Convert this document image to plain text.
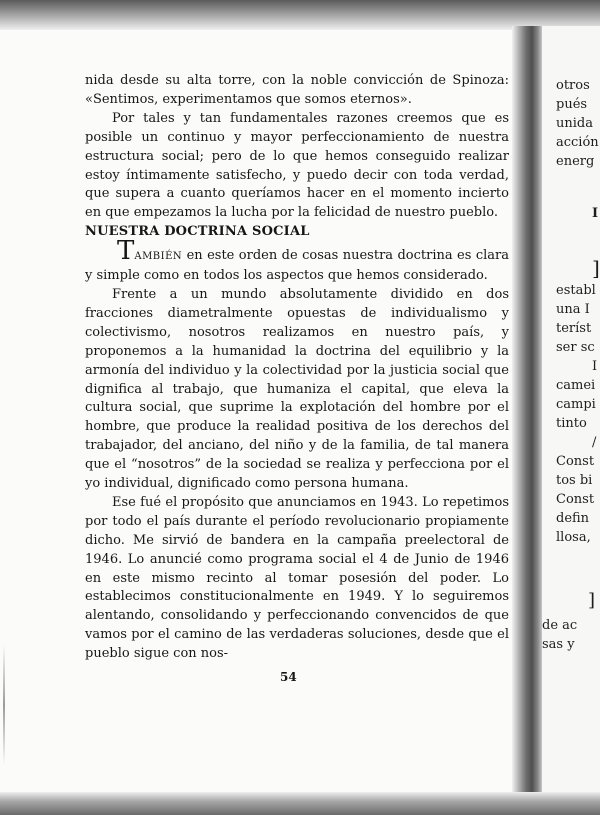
nida desde su alta torre, con la noble convicción de Spinoza: «Sentimos, experimentamos que somos eternos».

Por tales y tan fundamentales razones creemos que es posible un continuo y mayor perfeccionamiento de nuestra estructura social; pero de lo que hemos conseguido realizar estoy íntimamente satisfecho, y puedo decir con toda verdad, que supera a cuanto queríamos hacer en el momento incierto en que empezamos la lucha por la felicidad de nuestro pueblo.

NUESTRA DOCTRINA SOCIAL

TAMBIÉN en este orden de cosas nuestra doctrina es clara y simple como en todos los aspectos que hemos considerado.

Frente a un mundo absolutamente dividido en dos fracciones diametralmente opuestas de individualismo y colectivismo, nosotros realizamos en nuestro país, y proponemos a la humanidad la doctrina del equilibrio y la armonía del individuo y la colectividad por la justicia social que dignifica al trabajo, que humaniza el capital, que eleva la cultura social, que suprime la explotación del hombre por el hombre, que produce la realidad positiva de los derechos del trabajador, del anciano, del niño y de la familia, de tal manera que el “nosotros” de la sociedad se realiza y perfecciona por el yo individual, dignificado como persona humana.

Ese fué el propósito que anunciamos en 1943. Lo repetimos por todo el país durante el período revolucionario propiamente dicho. Me sirvió de bandera en la campaña preelectoral de 1946. Lo anuncié como programa social el 4 de Junio de 1946 en este mismo recinto al tomar posesión del poder. Lo establecimos constitucionalmente en 1949. Y lo seguiremos alentando, consolidando y perfeccionando convencidos de que vamos por el camino de las verdaderas soluciones, desde que el pueblo sigue con nos-

54
otros
pués
unida
acción
energ
I
]
establ
una I
teríst
ser sc
I
camei
campi
tinto
/
Const
tos bi
Const
defin
llosa,
]
de ac
sas y
